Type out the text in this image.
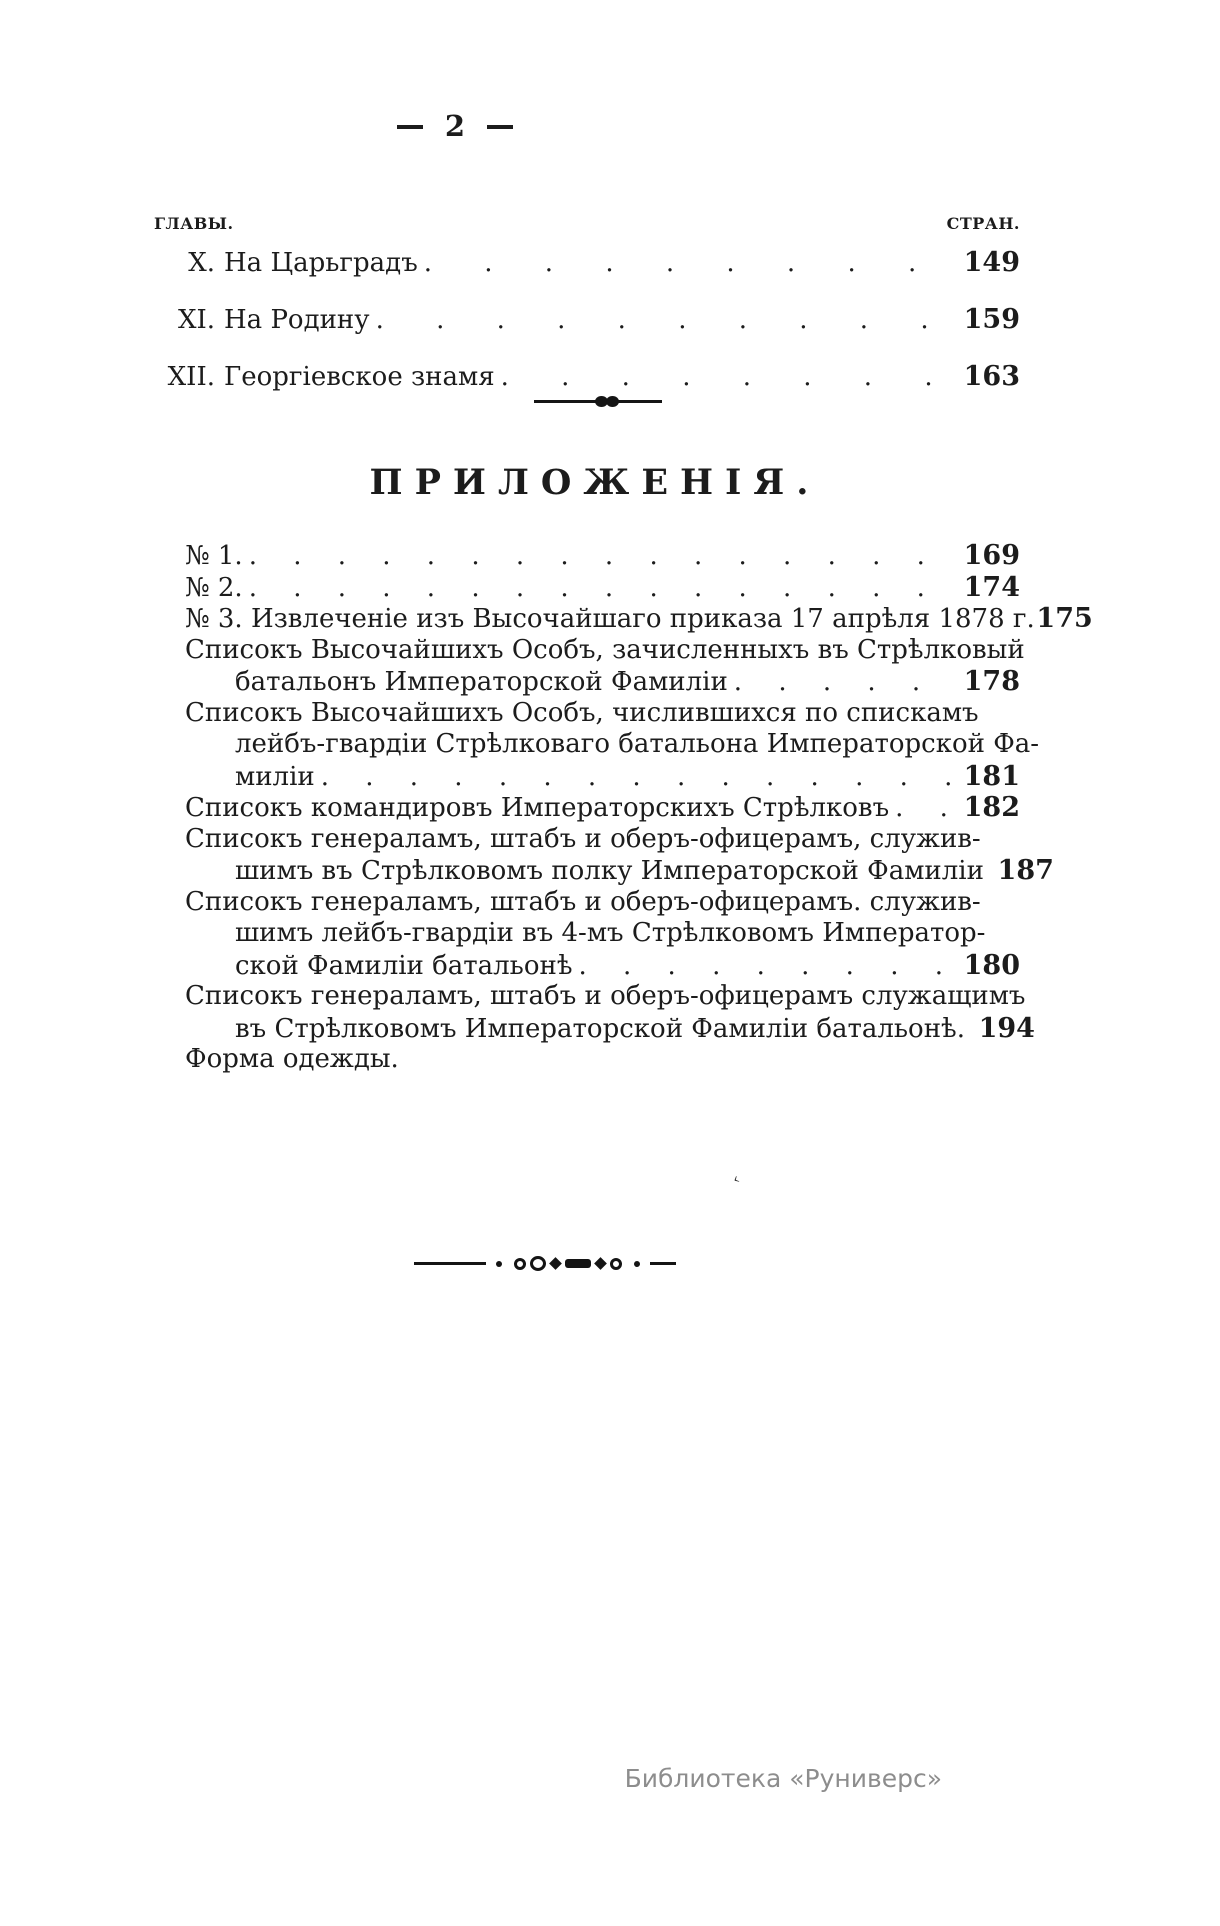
2
ГЛАВЫ.	СТРАН.
X. На Царьградъ . . .	149
XI. На Родину . . .	159
XII. Георгіевское знамя . . .	163
ПРИЛОЖЕНІЯ.
№ 1. . . .	169
№ 2. . . .	174
№ 3. Извлеченіе изъ Высочайшаго приказа 17 апрѣля 1878 г. 175
Списокъ Высочайшихъ Особъ, зачисленныхъ въ Стрѣлковый
батальонъ Императорской Фамиліи . . .	178
Списокъ Высочайшихъ Особъ, числившихся по спискамъ
лейбъ-гвардіи Стрѣлковаго батальона Императорской Фа-
миліи . . .	181
Списокъ командировъ Императорскихъ Стрѣлковъ . . .	182
Списокъ генераламъ, штабъ и оберъ-офицерамъ, служив-
шимъ въ Стрѣлковомъ полку Императорской Фамиліи 187
Списокъ генераламъ, штабъ и оберъ-офицерамъ. служив-
шимъ лейбъ-гвардіи въ 4-мъ Стрѣлковомъ Император-
ской Фамиліи батальонѣ . . .	180
Списокъ генераламъ, штабъ и оберъ-офицерамъ служащимъ
въ Стрѣлковомъ Императорской Фамиліи батальонѣ. 194
Форма одежды.
‹
Библиотека «Руниверс»
